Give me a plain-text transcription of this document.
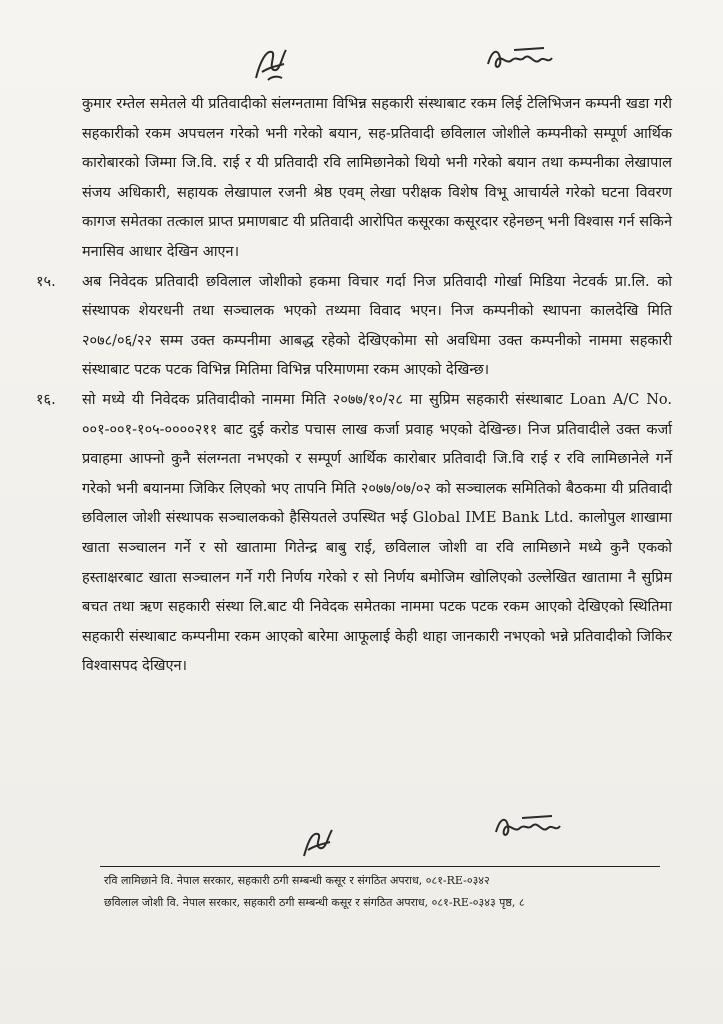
कुमार रम्तेल समेतले यी प्रतिवादीको संलग्नतामा विभिन्न सहकारी संस्थाबाट रकम लिई टेलिभिजन कम्पनी खडा गरी सहकारीको रकम अपचलन गरेको भनी गरेको बयान, सह-प्रतिवादी छविलाल जोशीले कम्पनीको सम्पूर्ण आर्थिक कारोबारको जिम्मा जि.वि. राई र यी प्रतिवादी रवि लामिछानेको थियो भनी गरेको बयान तथा कम्पनीका लेखापाल संजय अधिकारी, सहायक लेखापाल रजनी श्रेष्ठ एवम् लेखा परीक्षक विशेष विभू आचार्यले गरेको घटना विवरण कागज समेतका तत्काल प्राप्त प्रमाणबाट यी प्रतिवादी आरोपित कसूरका कसूरदार रहेनछन् भनी विश्वास गर्न सकिने मनासिव आधार देखिन आएन।

१५.	अब निवेदक प्रतिवादी छविलाल जोशीको हकमा विचार गर्दा निज प्रतिवादी गोर्खा मिडिया नेटवर्क प्रा.लि. को संस्थापक शेयरधनी तथा सञ्चालक भएको तथ्यमा विवाद भएन। निज कम्पनीको स्थापना कालदेखि मिति २०७८/०६/२२ सम्म उक्त कम्पनीमा आबद्ध रहेको देखिएकोमा सो अवधिमा उक्त कम्पनीको नाममा सहकारी संस्थाबाट पटक पटक विभिन्न मितिमा विभिन्न परिमाणमा रकम आएको देखिन्छ।

१६.	सो मध्ये यी निवेदक प्रतिवादीको नाममा मिति २०७७/१०/२८ मा सुप्रिम सहकारी संस्थाबाट Loan A/C No. ००१-००१-१०५-००००२११ बाट दुई करोड पचास लाख कर्जा प्रवाह भएको देखिन्छ। निज प्रतिवादीले उक्त कर्जा प्रवाहमा आफ्नो कुनै संलग्नता नभएको र सम्पूर्ण आर्थिक कारोबार प्रतिवादी जि.वि राई र रवि लामिछानेले गर्ने गरेको भनी बयानमा जिकिर लिएको भए तापनि मिति २०७७/०७/०२ को सञ्चालक समितिको बैठकमा यी प्रतिवादी छविलाल जोशी संस्थापक सञ्चालकको हैसियतले उपस्थित भई Global IME Bank Ltd. कालोपुल शाखामा खाता सञ्चालन गर्ने र सो खातामा गितेन्द्र बाबु राई, छविलाल जोशी वा रवि लामिछाने मध्ये कुनै एकको हस्ताक्षरबाट खाता सञ्चालन गर्ने गरी निर्णय गरेको र सो निर्णय बमोजिम खोलिएको उल्लेखित खातामा नै सुप्रिम बचत तथा ऋण सहकारी संस्था लि.बाट यी निवेदक समेतका नाममा पटक पटक रकम आएको देखिएको स्थितिमा सहकारी संस्थाबाट कम्पनीमा रकम आएको बारेमा आफूलाई केही थाहा जानकारी नभएको भन्ने प्रतिवादीको जिकिर विश्वासपद देखिएन।

रवि लामिछाने वि. नेपाल सरकार, सहकारी ठगी सम्बन्धी कसूर र संगठित अपराध, ०८१-RE-०३४२
छविलाल जोशी वि. नेपाल सरकार, सहकारी ठगी सम्बन्धी कसूर र संगठित अपराध, ०८१-RE-०३४३ पृष्ठ, ८
